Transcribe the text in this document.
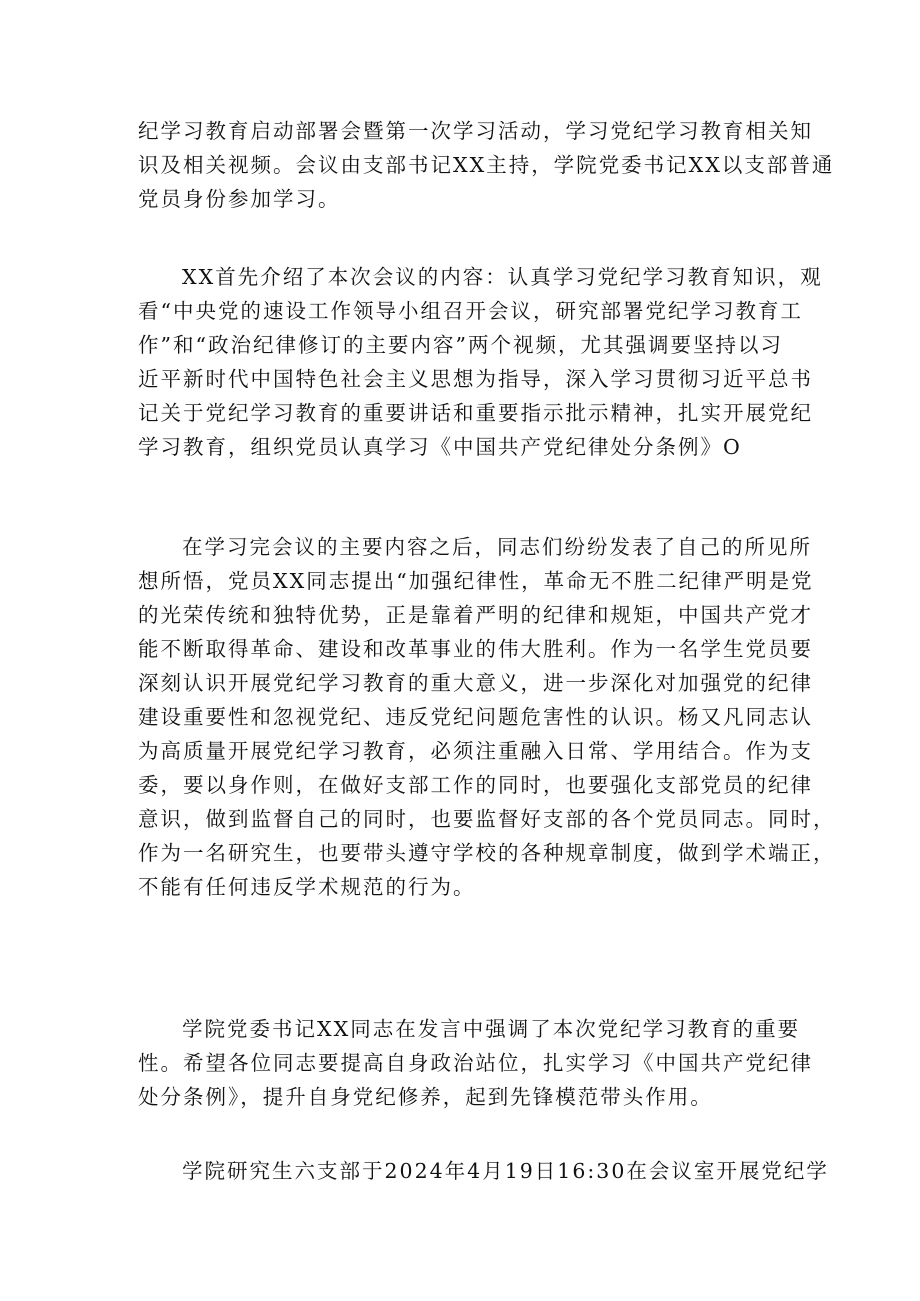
纪学习教育启动部署会暨第一次学习活动，学习党纪学习教育相关知
识及相关视频。会议由支部书记XX主持，学院党委书记XX以支部普通
党员身份参加学习。
XX首先介绍了本次会议的内容：认真学习党纪学习教育知识，观
看“中央党的速设工作领导小组召开会议，研究部署党纪学习教育工
作”和“政治纪律修订的主要内容”两个视频，尤其强调要坚持以习
近平新时代中国特色社会主义思想为指导，深入学习贯彻习近平总书
记关于党纪学习教育的重要讲话和重要指示批示精神，扎实开展党纪
学习教育，组织党员认真学习《中国共产党纪律处分条例》O
在学习完会议的主要内容之后，同志们纷纷发表了自己的所见所
想所悟，党员XX同志提出“加强纪律性，革命无不胜二纪律严明是党
的光荣传统和独特优势，正是靠着严明的纪律和规矩，中国共产党才
能不断取得革命、建设和改革事业的伟大胜利。作为一名学生党员要
深刻认识开展党纪学习教育的重大意义，进一步深化对加强党的纪律
建设重要性和忽视党纪、违反党纪问题危害性的认识。杨又凡同志认
为高质量开展党纪学习教育，必须注重融入日常、学用结合。作为支
委，要以身作则，在做好支部工作的同时，也要强化支部党员的纪律
意识，做到监督自己的同时，也要监督好支部的各个党员同志。同时，
作为一名研究生，也要带头遵守学校的各种规章制度，做到学术端正，
不能有任何违反学术规范的行为。
学院党委书记XX同志在发言中强调了本次党纪学习教育的重要
性。希望各位同志要提高自身政治站位，扎实学习《中国共产党纪律
处分条例》，提升自身党纪修养，起到先锋模范带头作用。
学院研究生六支部于2024年4月19日16:30在会议室开展党纪学
